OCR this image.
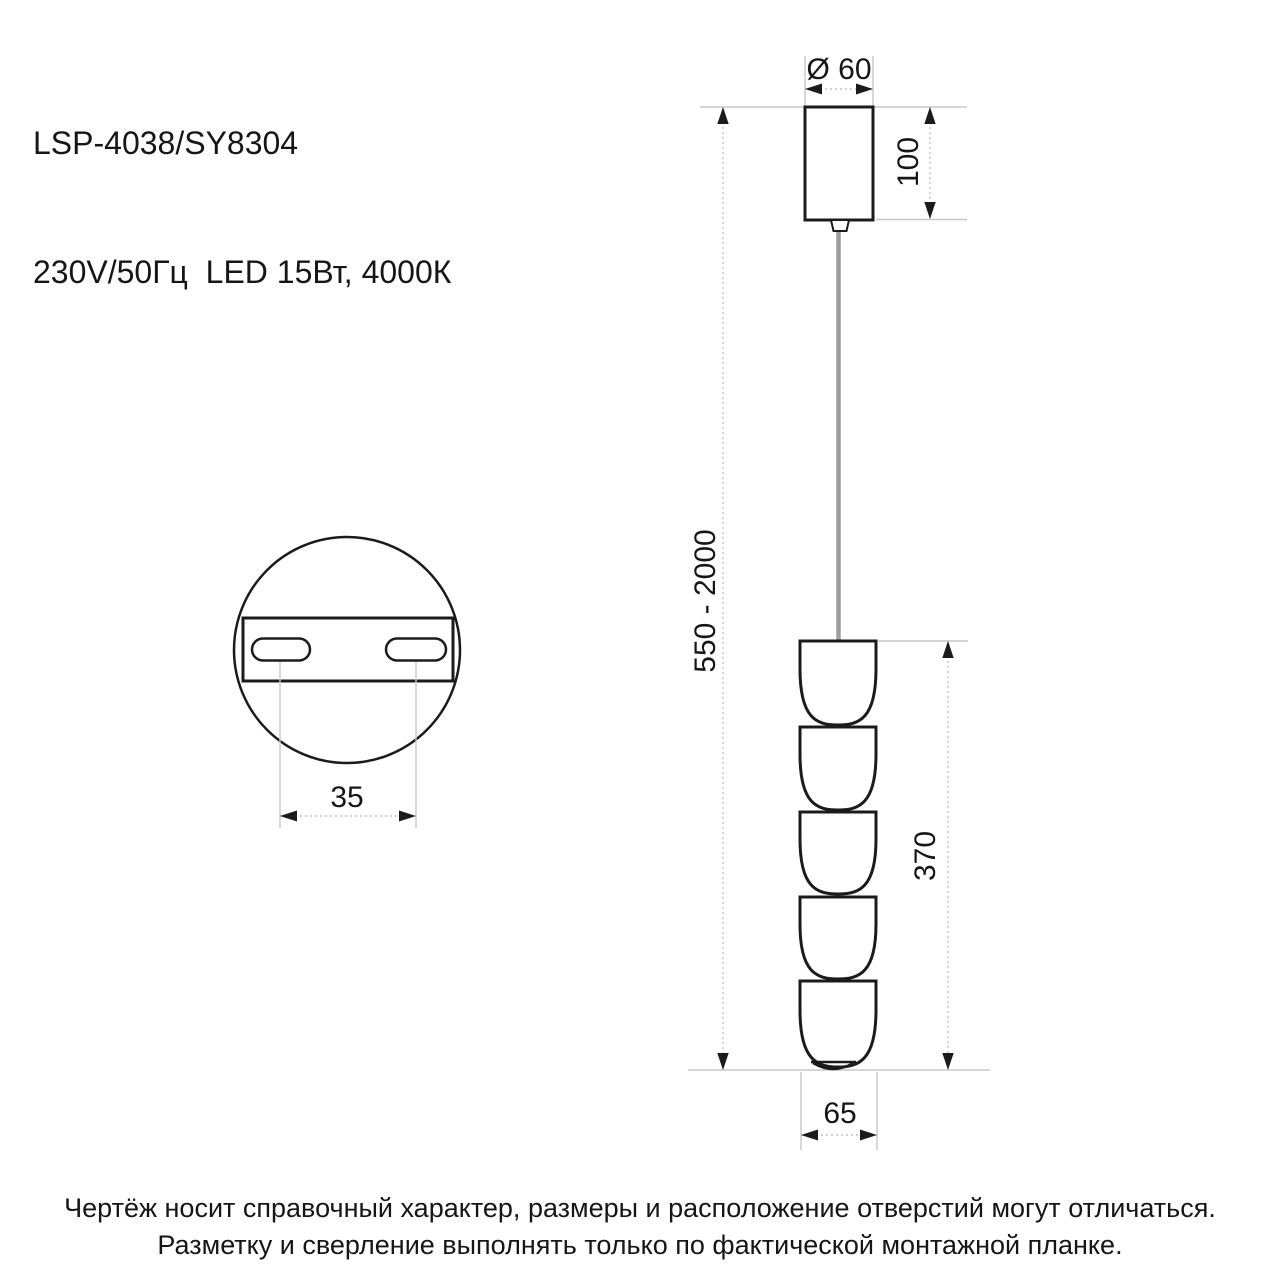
LSP-4038/SY8304

230V/50Гц  LED 15Вт, 4000К

Ø 60
100
550 - 2000
370
65
35
Чертёж носит справочный характер, размеры и расположение отверстий могут отличаться.
Разметку и сверление выполнять только по фактической монтажной планке.
